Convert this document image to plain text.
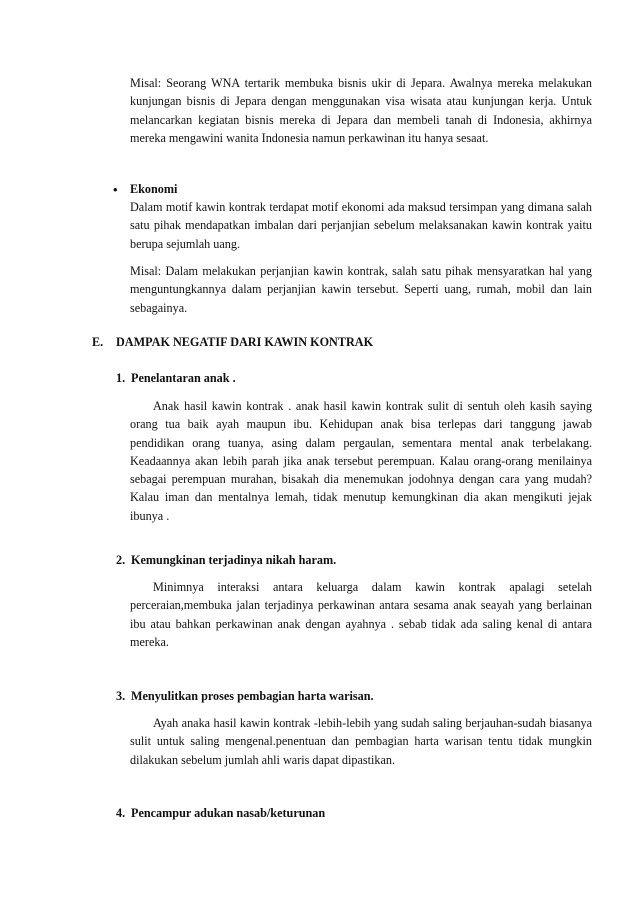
Misal: Seorang WNA tertarik membuka bisnis ukir di Jepara. Awalnya mereka melakukan kunjungan bisnis di Jepara dengan menggunakan visa wisata atau kunjungan kerja. Untuk melancarkan kegiatan bisnis mereka di Jepara dan membeli tanah di Indonesia, akhirnya mereka mengawini wanita Indonesia namun perkawinan itu hanya sesaat.

• Ekonomi

Dalam motif kawin kontrak terdapat motif ekonomi ada maksud tersimpan yang dimana salah satu pihak mendapatkan imbalan dari perjanjian sebelum melaksanakan kawin kontrak yaitu berupa sejumlah uang.

Misal: Dalam melakukan perjanjian kawin kontrak, salah satu pihak mensyaratkan hal yang menguntungkannya dalam perjanjian kawin tersebut. Seperti uang, rumah, mobil dan lain sebagainya.

E. DAMPAK NEGATIF DARI KAWIN KONTRAK
1. Penelantaran anak .

Anak hasil kawin kontrak . anak hasil kawin kontrak sulit di sentuh oleh kasih saying orang tua baik ayah maupun ibu. Kehidupan anak bisa terlepas dari tanggung jawab pendidikan orang tuanya, asing dalam pergaulan, sementara mental anak terbelakang. Keadaannya akan lebih parah jika anak tersebut perempuan. Kalau orang-orang menilainya sebagai perempuan murahan, bisakah dia menemukan jodohnya dengan cara yang mudah? Kalau iman dan mentalnya lemah, tidak menutup kemungkinan dia akan mengikuti jejak ibunya .

2. Kemungkinan terjadinya nikah haram.

Minimnya interaksi antara keluarga dalam kawin kontrak apalagi setelah perceraian,membuka jalan terjadinya perkawinan antara sesama anak seayah yang berlainan ibu atau bahkan perkawinan anak dengan ayahnya . sebab tidak ada saling kenal di antara mereka.

3. Menyulitkan proses pembagian harta warisan.

Ayah anaka hasil kawin kontrak -lebih-lebih yang sudah saling berjauhan-sudah biasanya sulit untuk saling mengenal.penentuan dan pembagian harta warisan tentu tidak mungkin dilakukan sebelum jumlah ahli waris dapat dipastikan.

4. Pencampur adukan nasab/keturunan
